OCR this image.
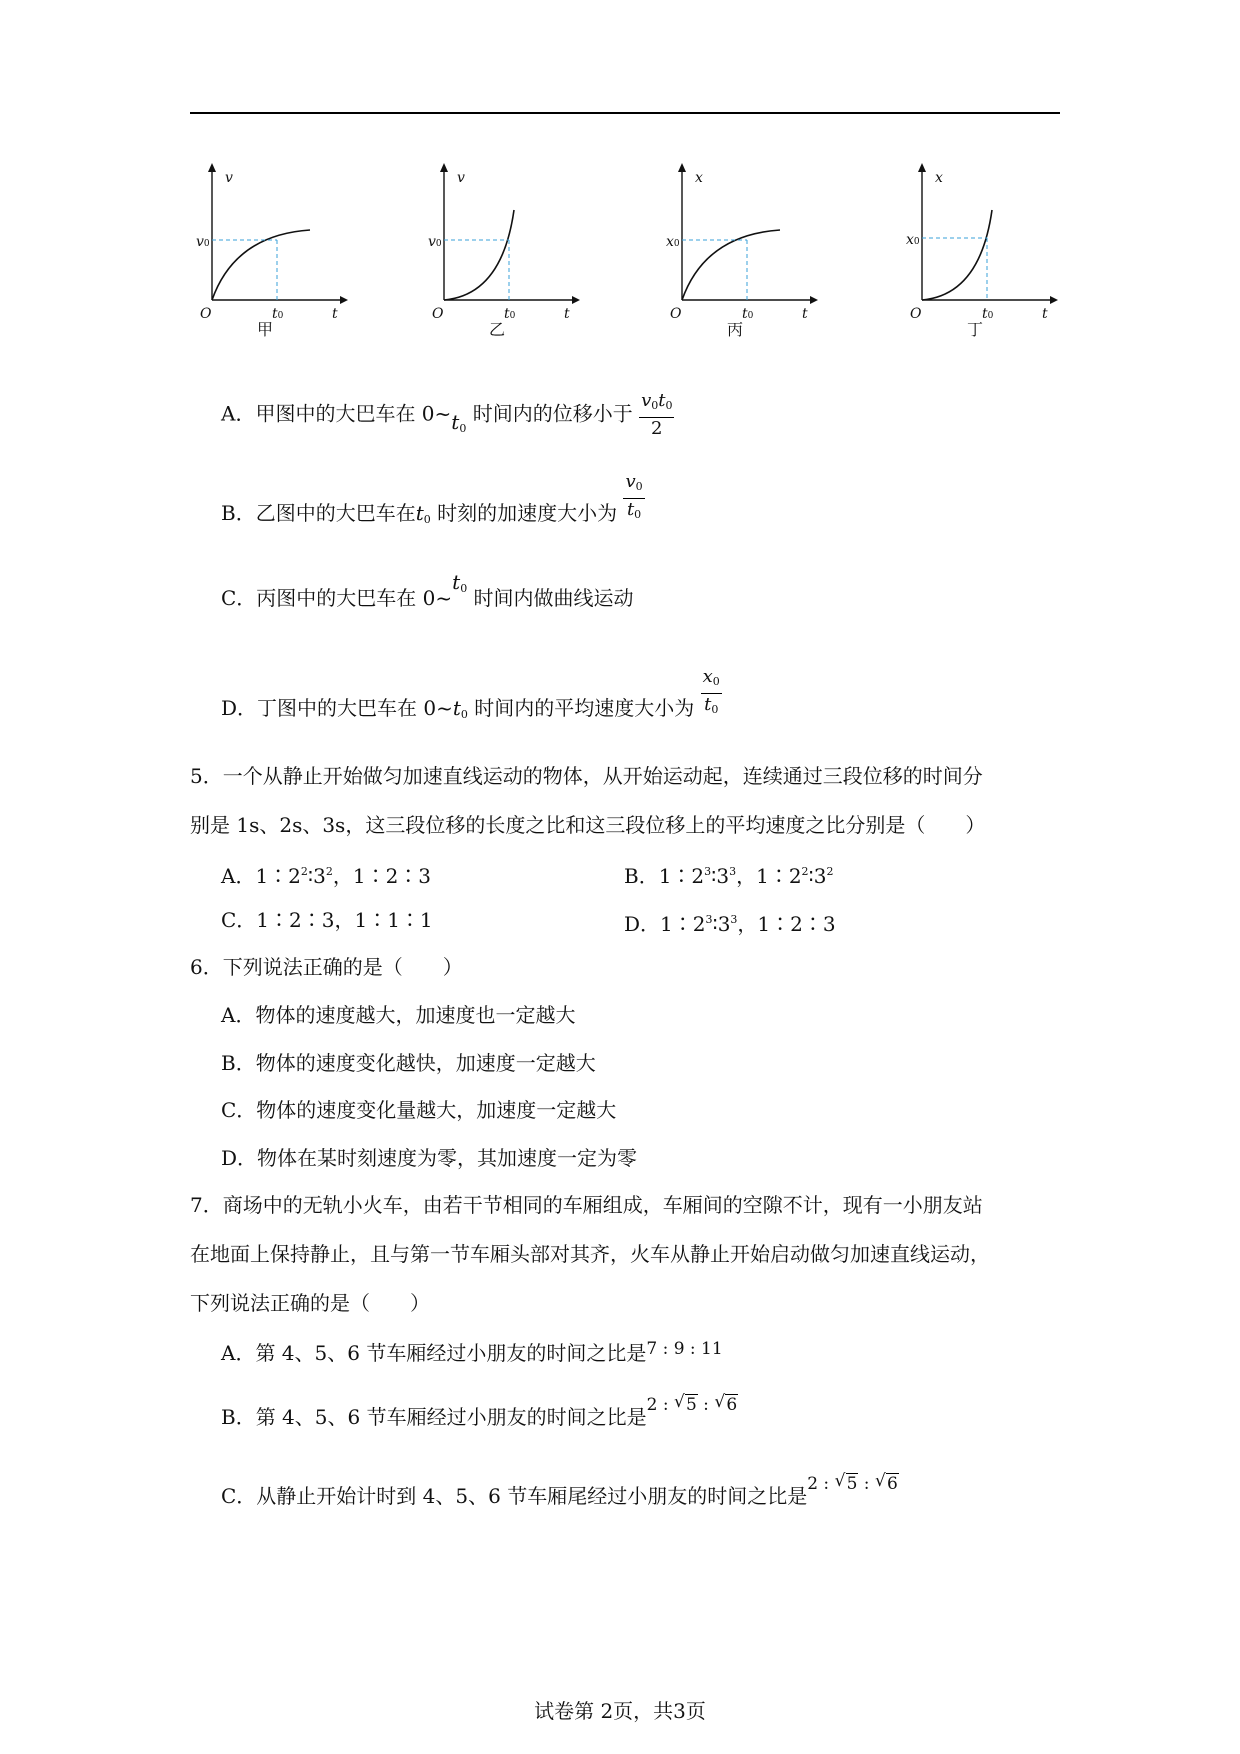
v
v0
O	t0	t
甲
v
v0
O	t0	t
乙
x
x0
O	t0	t
丙
x
x0
O	t0	t
丁
A．甲图中的大巴车在 $0\sim t_0$ 时间内的位移小于 $\frac{v_0t_0}{2}$
B．乙图中的大巴车在$t_0$ 时刻的加速度大小为 $\frac{v_0}{t_0}$
C．丙图中的大巴车在 $0\sim t_0$ 时间内做曲线运动
D．丁图中的大巴车在 $0\sim t_0$ 时间内的平均速度大小为 $\frac{x_0}{t_0}$
5．一个从静止开始做匀加速直线运动的物体，从开始运动起，连续通过三段位移的时间分
别是 1s、2s、3s，这三段位移的长度之比和这三段位移上的平均速度之比分别是（　　）
A．$1∶2^2∶3^2$，1∶2∶3	B．$1∶2^3∶3^3$，$1∶2^2∶3^2$
C．1∶2∶3，1∶1∶1	D．$1∶2^3∶3^3$，1∶2∶3
6．下列说法正确的是（　　）
A．物体的速度越大，加速度也一定越大
B．物体的速度变化越快，加速度一定越大
C．物体的速度变化量越大，加速度一定越大
D．物体在某时刻速度为零，其加速度一定为零
7．商场中的无轨小火车，由若干节相同的车厢组成，车厢间的空隙不计，现有一小朋友站
在地面上保持静止，且与第一节车厢头部对其齐，火车从静止开始启动做匀加速直线运动，
下列说法正确的是（　　）
A．第 4、5、6 节车厢经过小朋友的时间之比是$^{7 : 9 : 11}$
B．第 4、5、6 节车厢经过小朋友的时间之比是$^{2 : √ 5 : √ 6}$
C．从静止开始计时到 4、5、6 节车厢尾经过小朋友的时间之比是$^{2 : √ 5 : √ 6}$
试卷第 2页，共3页
